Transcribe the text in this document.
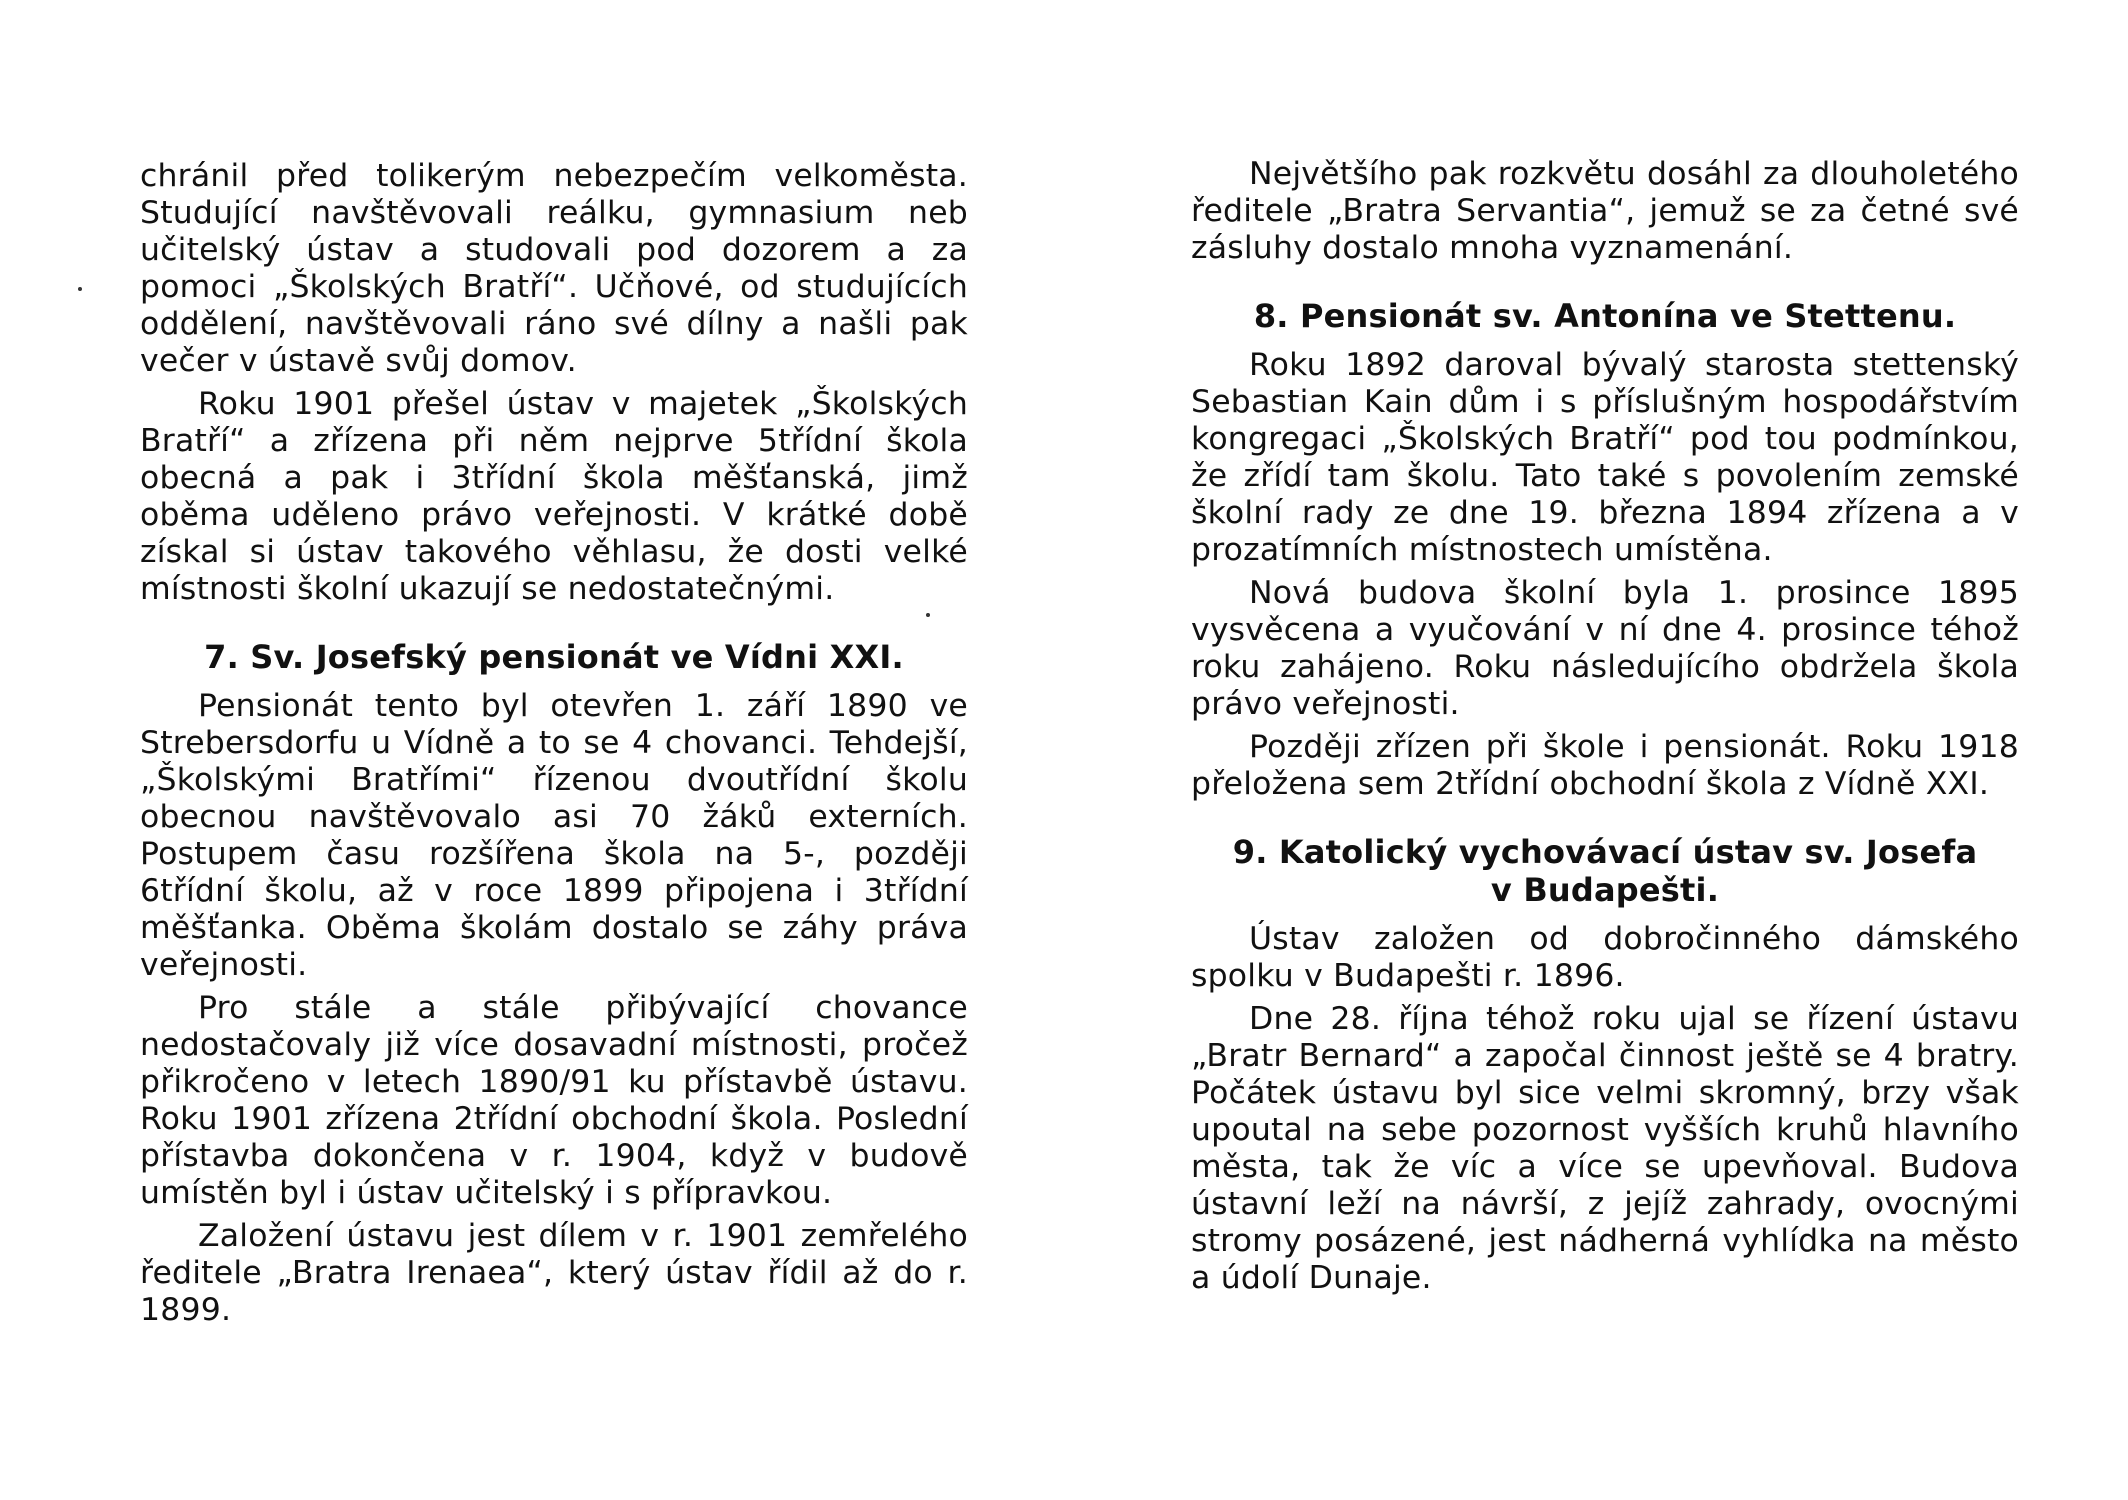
chránil před tolikerým nebezpečím velkoměsta. Studující navštěvovali reálku, gymnasium neb učitelský ústav a studovali pod dozorem a za pomoci „Školských Bratří“. Učňové, od studujících oddělení, navštěvovali ráno své dílny a našli pak večer v ústavě svůj domov.

Roku 1901 přešel ústav v majetek „Školských Bratří“ a zřízena při něm nejprve 5třídní škola obecná a pak i 3třídní škola měšťanská, jimž oběma uděleno právo veřejnosti. V krátké době získal si ústav takového věhlasu, že dosti velké místnosti školní ukazují se nedostatečnými.

7. Sv. Josefský pensionát ve Vídni XXI.

Pensionát tento byl otevřen 1. září 1890 ve Strebersdorfu u Vídně a to se 4 chovanci. Tehdejší, „Školskými Bratřími“ řízenou dvoutřídní školu obecnou navštěvovalo asi 70 žáků externích. Postupem času rozšířena škola na 5-, později 6třídní školu, až v roce 1899 připojena i 3třídní měšťanka. Oběma školám dostalo se záhy práva veřejnosti.

Pro stále a stále přibývající chovance nedostačovaly již více dosavadní místnosti, pročež přikročeno v letech 1890/91 ku přístavbě ústavu. Roku 1901 zřízena 2třídní obchodní škola. Poslední přístavba dokončena v r. 1904, když v budově umístěn byl i ústav učitelský i s přípravkou.

Založení ústavu jest dílem v r. 1901 zemřelého ředitele „Bratra Irenaea“, který ústav řídil až do r. 1899.

Největšího pak rozkvětu dosáhl za dlouholetého ředitele „Bratra Servantia“, jemuž se za četné své zásluhy dostalo mnoha vyznamenání.

8. Pensionát sv. Antonína ve Stettenu.

Roku 1892 daroval bývalý starosta stettenský Sebastian Kain dům i s příslušným hospodářstvím kongregaci „Školských Bratří“ pod tou podmínkou, že zřídí tam školu. Tato také s povolením zemské školní rady ze dne 19. března 1894 zřízena a v prozatímních místnostech umístěna.

Nová budova školní byla 1. prosince 1895 vysvěcena a vyučování v ní dne 4. prosince téhož roku zahájeno. Roku následujícího obdržela škola právo veřejnosti.

Později zřízen při škole i pensionát. Roku 1918 přeložena sem 2třídní obchodní škola z Vídně XXI.

9. Katolický vychovávací ústav sv. Josefa
v Budapešti.

Ústav založen od dobročinného dámského spolku v Budapešti r. 1896.

Dne 28. října téhož roku ujal se řízení ústavu „Bratr Bernard“ a započal činnost ještě se 4 bratry. Počátek ústavu byl sice velmi skromný, brzy však upoutal na sebe pozornost vyšších kruhů hlavního města, tak že víc a více se upevňoval. Budova ústavní leží na návrší, z jejíž zahrady, ovocnými stromy posázené, jest nádherná vyhlídka na město a údolí Dunaje.
